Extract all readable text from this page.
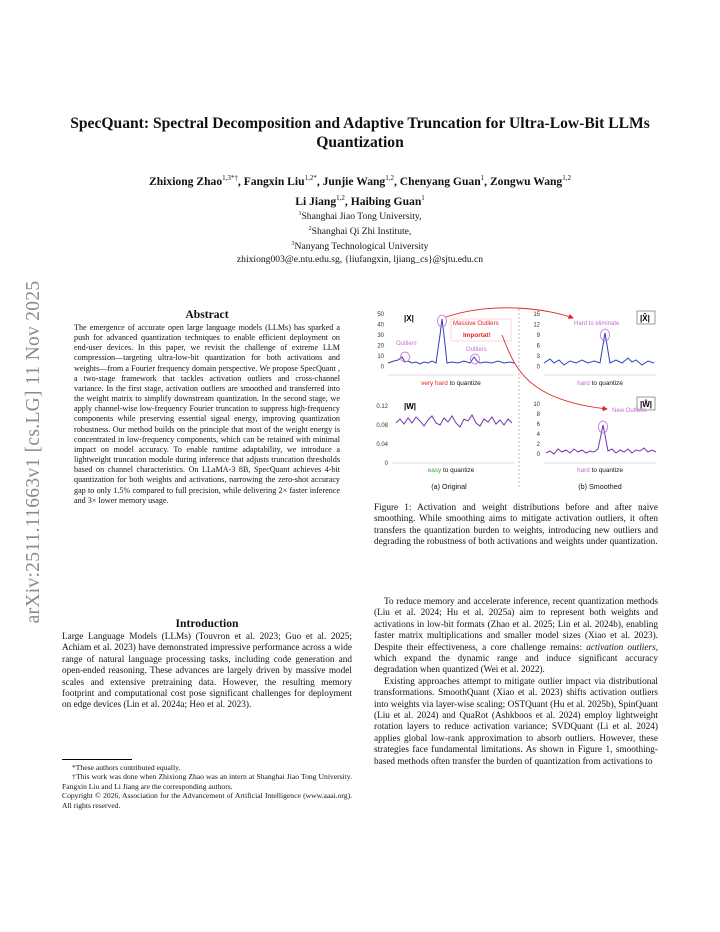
arXiv:2511.11663v1 [cs.LG] 11 Nov 2025
SpecQuant: Spectral Decomposition and Adaptive Truncation for Ultra-Low-Bit LLMs Quantization
Zhixiong Zhao$^{1,3*\dagger}$, Fangxin Liu$^{1,2*}$, Junjie Wang$^{1,2}$, Chenyang Guan$^1$, Zongwu Wang$^{1,2}$
Li Jiang$^{1,2}$, Haibing Guan$^1$
$^1$Shanghai Jiao Tong University,
$^2$Shanghai Qi Zhi Institute,
$^3$Nanyang Technological University
zhixiong003@e.ntu.edu.sg, {liufangxin, ljiang_cs}@sjtu.edu.cn
Abstract
The emergence of accurate open large language models (LLMs) has sparked a push for advanced quantization techniques to enable efficient deployment on end-user devices. In this paper, we revisit the challenge of extreme LLM compression—targeting ultra-low-bit quantization for both activations and weights—from a Fourier frequency domain perspective. We propose SpecQuant , a two-stage framework that tackles activation outliers and cross-channel variance. In the first stage, activation outliers are smoothed and transferred into the weight matrix to simplify downstream quantization. In the second stage, we apply channel-wise low-frequency Fourier truncation to suppress high-frequency components while preserving essential signal energy, improving quantization robustness. Our method builds on the principle that most of the weight energy is concentrated in low-frequency components, which can be retained with minimal impact on model accuracy. To enable runtime adaptability, we introduce a lightweight truncation module during inference that adjusts truncation thresholds based on channel characteristics. On LLaMA-3 8B, SpecQuant achieves 4-bit quantization for both weights and activations, narrowing the zero-shot accuracy gap to only 1.5% compared to full precision, while delivering 2× faster inference and 3× lower memory usage.
Introduction

Large Language Models (LLMs) (Touvron et al. 2023; Guo et al. 2025; Achiam et al. 2023) have demonstrated impressive performance across a wide range of natural language processing tasks, including code generation and open-ended reasoning. These advances are largely driven by massive model scales and extensive pretraining data. However, the resulting memory footprint and computational cost pose significant challenges for deployment on edge devices (Lin et al. 2024a; Heo et al. 2023).

*These authors contributed equally.

†This work was done when Zhixiong Zhao was an intern at Shanghai Jiao Tong University. Fangxin Liu and Li Jiang are the corresponding authors.

Copyright © 2026, Association for the Advancement of Artificial Intelligence (www.aaai.org). All rights reserved.

50
40
30
20
10
0
|X|
Outliers
Outliers
Massive Outliers
Importat!
very hard to quantize
15
12
9
6
3
0
|X̂|
Hard to eliminate
hard to quantize
0.12
0.08
0.04
0
|W|
easy to quantize
10
8
6
4
2
0
|Ŵ|
New Outliers
hard to quantize
(a) Original	(b) Smoothed
Figure 1: Activation and weight distributions before and after naive smoothing. While smoothing aims to mitigate activation outliers, it often transfers the quantization burden to weights, introducing new outliers and degrading the robustness of both activations and weights under quantization.

To reduce memory and accelerate inference, recent quantization methods (Liu et al. 2024; Hu et al. 2025a) aim to represent both weights and activations in low-bit formats (Zhao et al. 2025; Lin et al. 2024b), enabling faster matrix multiplications and smaller model sizes (Xiao et al. 2023). Despite their effectiveness, a core challenge remains: activation outliers, which expand the dynamic range and induce significant accuracy degradation when quantized (Wei et al. 2022).

Existing approaches attempt to mitigate outlier impact via distributional transformations. SmoothQuant (Xiao et al. 2023) shifts activation outliers into weights via layer-wise scaling; OSTQuant (Hu et al. 2025b), SpinQuant (Liu et al. 2024) and QuaRot (Ashkboos et al. 2024) employ lightweight rotation layers to reduce activation variance; SVDQuant (Li et al. 2024) applies global low-rank approximation to absorb outliers. However, these strategies face fundamental limitations. As shown in Figure 1, smoothing-based methods often transfer the burden of quantization from activations to
